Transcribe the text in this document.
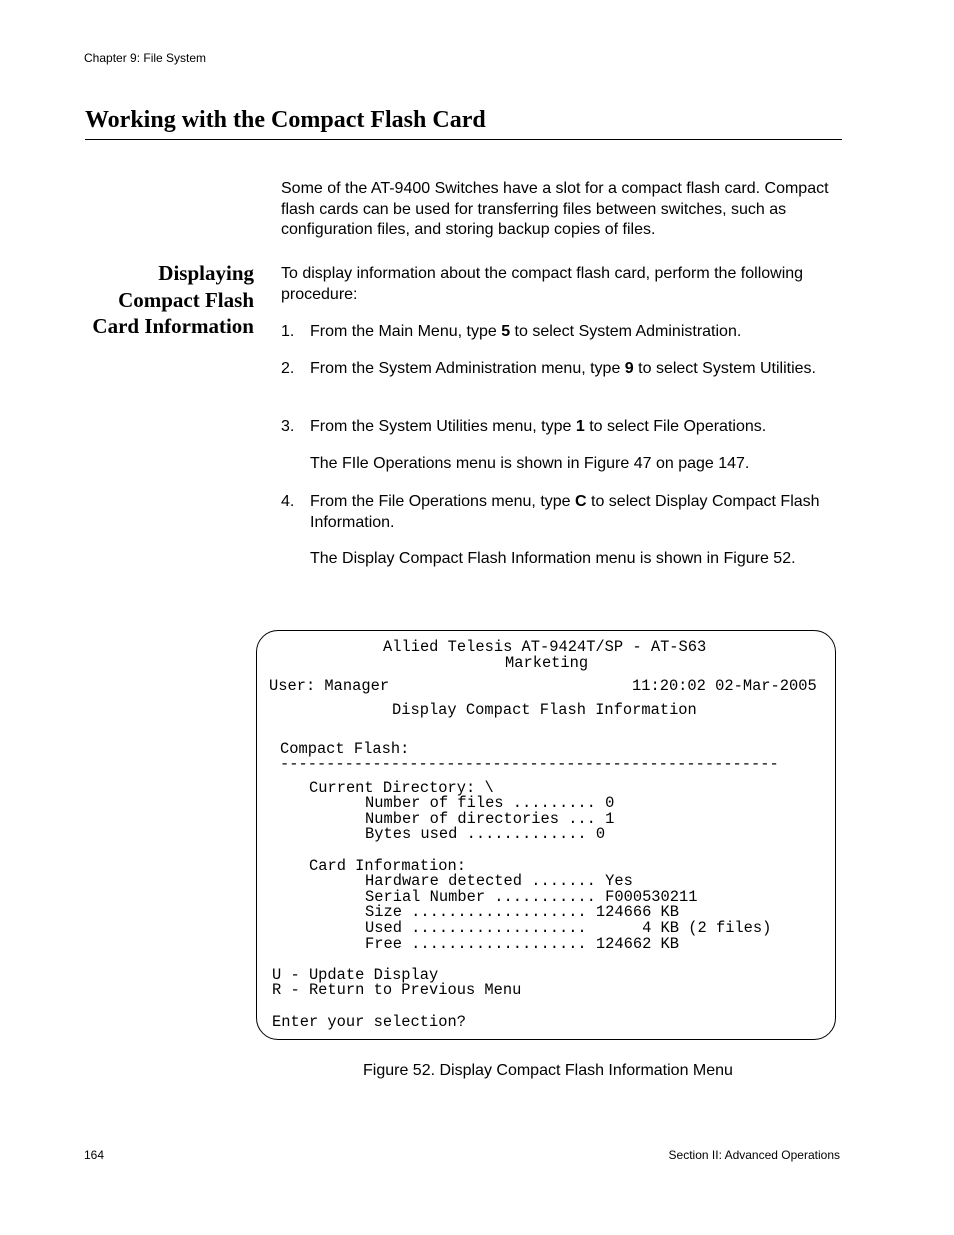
Chapter 9: File System
Working with the Compact Flash Card
Some of the AT-9400 Switches have a slot for a compact flash card. Compact flash cards can be used for transferring files between switches, such as configuration files, and storing backup copies of files.
Displaying
Compact Flash
Card Information
To display information about the compact flash card, perform the following procedure:
1. From the Main Menu, type 5 to select System Administration.
2. From the System Administration menu, type 9 to select System Utilities.
3. From the System Utilities menu, type 1 to select File Operations.
The FIle Operations menu is shown in Figure 47 on page 147.
4. From the File Operations menu, type C to select Display Compact Flash Information.
The Display Compact Flash Information menu is shown in Figure 52.
Allied Telesis AT-9424T/SP - AT-S63
Marketing
User: Manager	11:20:02 02-Mar-2005
Display Compact Flash Information
Compact Flash:
------------------------------------------------------
Current Directory: \
Number of files ......... 0
Number of directories ... 1
Bytes used ............. 0
Card Information:
Hardware detected ....... Yes
Serial Number ........... F000530211
Size ................... 124666 KB
Used ...................      4 KB (2 files)
Free ................... 124662 KB
U - Update Display
R - Return to Previous Menu
Enter your selection?
Figure 52. Display Compact Flash Information Menu
164	Section II: Advanced Operations
